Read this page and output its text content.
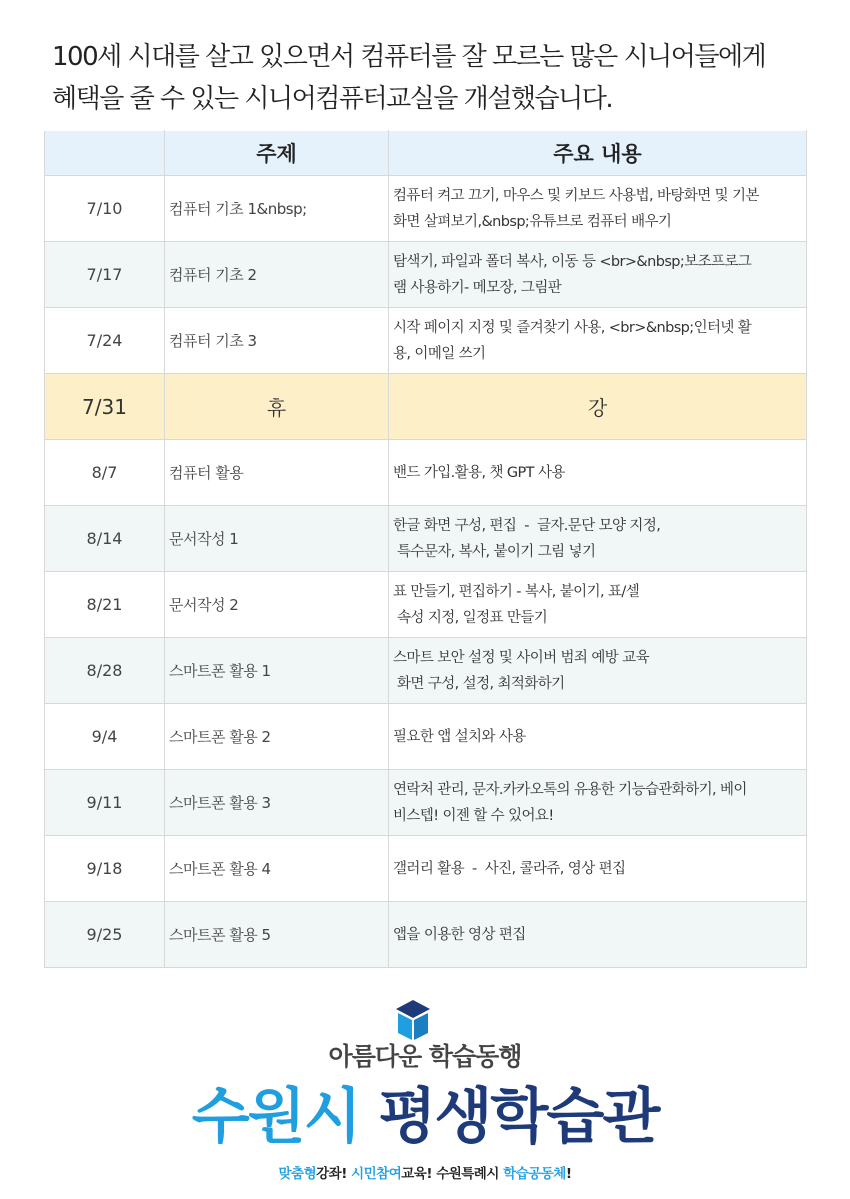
100세 시대를 살고 있으면서 컴퓨터를 잘 모르는 많은 시니어들에게
혜택을 줄 수 있는 시니어컴퓨터교실을 개설했습니다.
	주제	주요 내용
7/10	컴퓨터 기초 1&nbsp;	컴퓨터 켜고 끄기, 마우스 및 키보드 사용법, 바탕화면 및 기본
화면 살펴보기,&nbsp;유튜브로 컴퓨터 배우기

7/17	컴퓨터 기초 2	탐색기, 파일과 폴더 복사, 이동 등 <br>&nbsp;보조프로그
램 사용하기- 메모장, 그림판

7/24	컴퓨터 기초 3	시작 페이지 지정 및 즐겨찾기 사용, <br>&nbsp;인터넷 활
용, 이메일 쓰기

7/31	휴	강
8/7	컴퓨터 활용	밴드 가입.활용, 챗 GPT 사용

8/14	문서작성 1	한글 화면 구성, 편집  -  글자.문단 모양 지정,
특수문자, 복사, 붙이기 그림 넣기

8/21	문서작성 2	표 만들기, 편집하기 - 복사, 붙이기, 표/셀
속성 지정, 일정표 만들기

8/28	스마트폰 활용 1	스마트 보안 설정 및 사이버 범죄 예방 교육
화면 구성, 설정, 최적화하기

9/4	스마트폰 활용 2	필요한 앱 설치와 사용

9/11	스마트폰 활용 3	연락처 관리, 문자.카카오톡의 유용한 기능습관화하기, 베이
비스텝! 이젠 할 수 있어요!

9/18	스마트폰 활용 4	갤러리 활용  -  사진, 콜라쥬, 영상 편집

9/25	스마트폰 활용 5	앱을 이용한 영상 편집
아름다운 학습동행
수원시 평생학습관
맞춤형강좌! 시민참여교육! 수원특례시 학습공동체!
